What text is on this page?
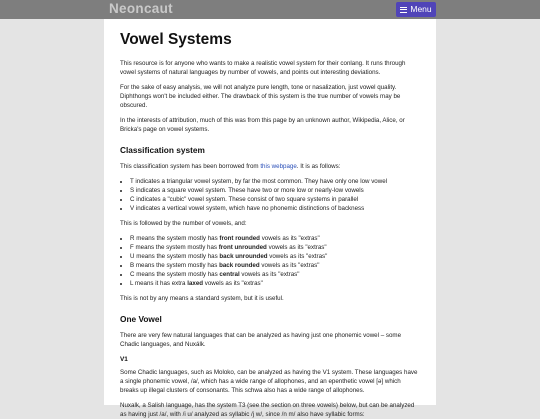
Neoncaut	Menu
Vowel Systems

This resource is for anyone who wants to make a realistic vowel system for their conlang. It runs through vowel systems of natural languages by number of vowels, and points out interesting deviations.

For the sake of easy analysis, we will not analyze pure length, tone or nasalization, just vowel quality. Diphthongs won't be included either. The drawback of this system is the true number of vowels may be obscured.

In the interests of attribution, much of this was from this page by an unknown author, Wikipedia, Alice, or Bricka's page on vowel systems.

Classification system

This classification system has been borrowed from this webpage. It is as follows:

• T indicates a triangular vowel system, by far the most common. They have only one low vowel
• S indicates a square vowel system. These have two or more low or nearly-low vowels
• C indicates a "cubic" vowel system. These consist of two square systems in parallel
• V indicates a vertical vowel system, which have no phonemic distinctions of backness

This is followed by the number of vowels, and:

• R means the system mostly has front rounded vowels as its "extras"
• F means the system mostly has front unrounded vowels as its "extras"
• U means the system mostly has back unrounded vowels as its "extras"
• B means the system mostly has back rounded vowels as its "extras"
• C means the system mostly has central vowels as its "extras"
• L means it has extra laxed vowels as its "extras"

This is not by any means a standard system, but it is useful.

One Vowel

There are very few natural languages that can be analyzed as having just one phonemic vowel – some Chadic languages, and Nuxálk.

V1

Some Chadic languages, such as Moloko, can be analyzed as having the V1 system. These languages have a single phonemic vowel, /a/, which has a wide range of allophones, and an epenthetic vowel [ə] which breaks up illegal clusters of consonants. This schwa also has a wide range of allophones.

Nuxalk, a Salish language, has the system T3 (see the section on three vowels) below, but can be analyzed as having just /a/, with /i u/ analyzed as syllabic /j w/, since /n m/ also have syllabic forms:
